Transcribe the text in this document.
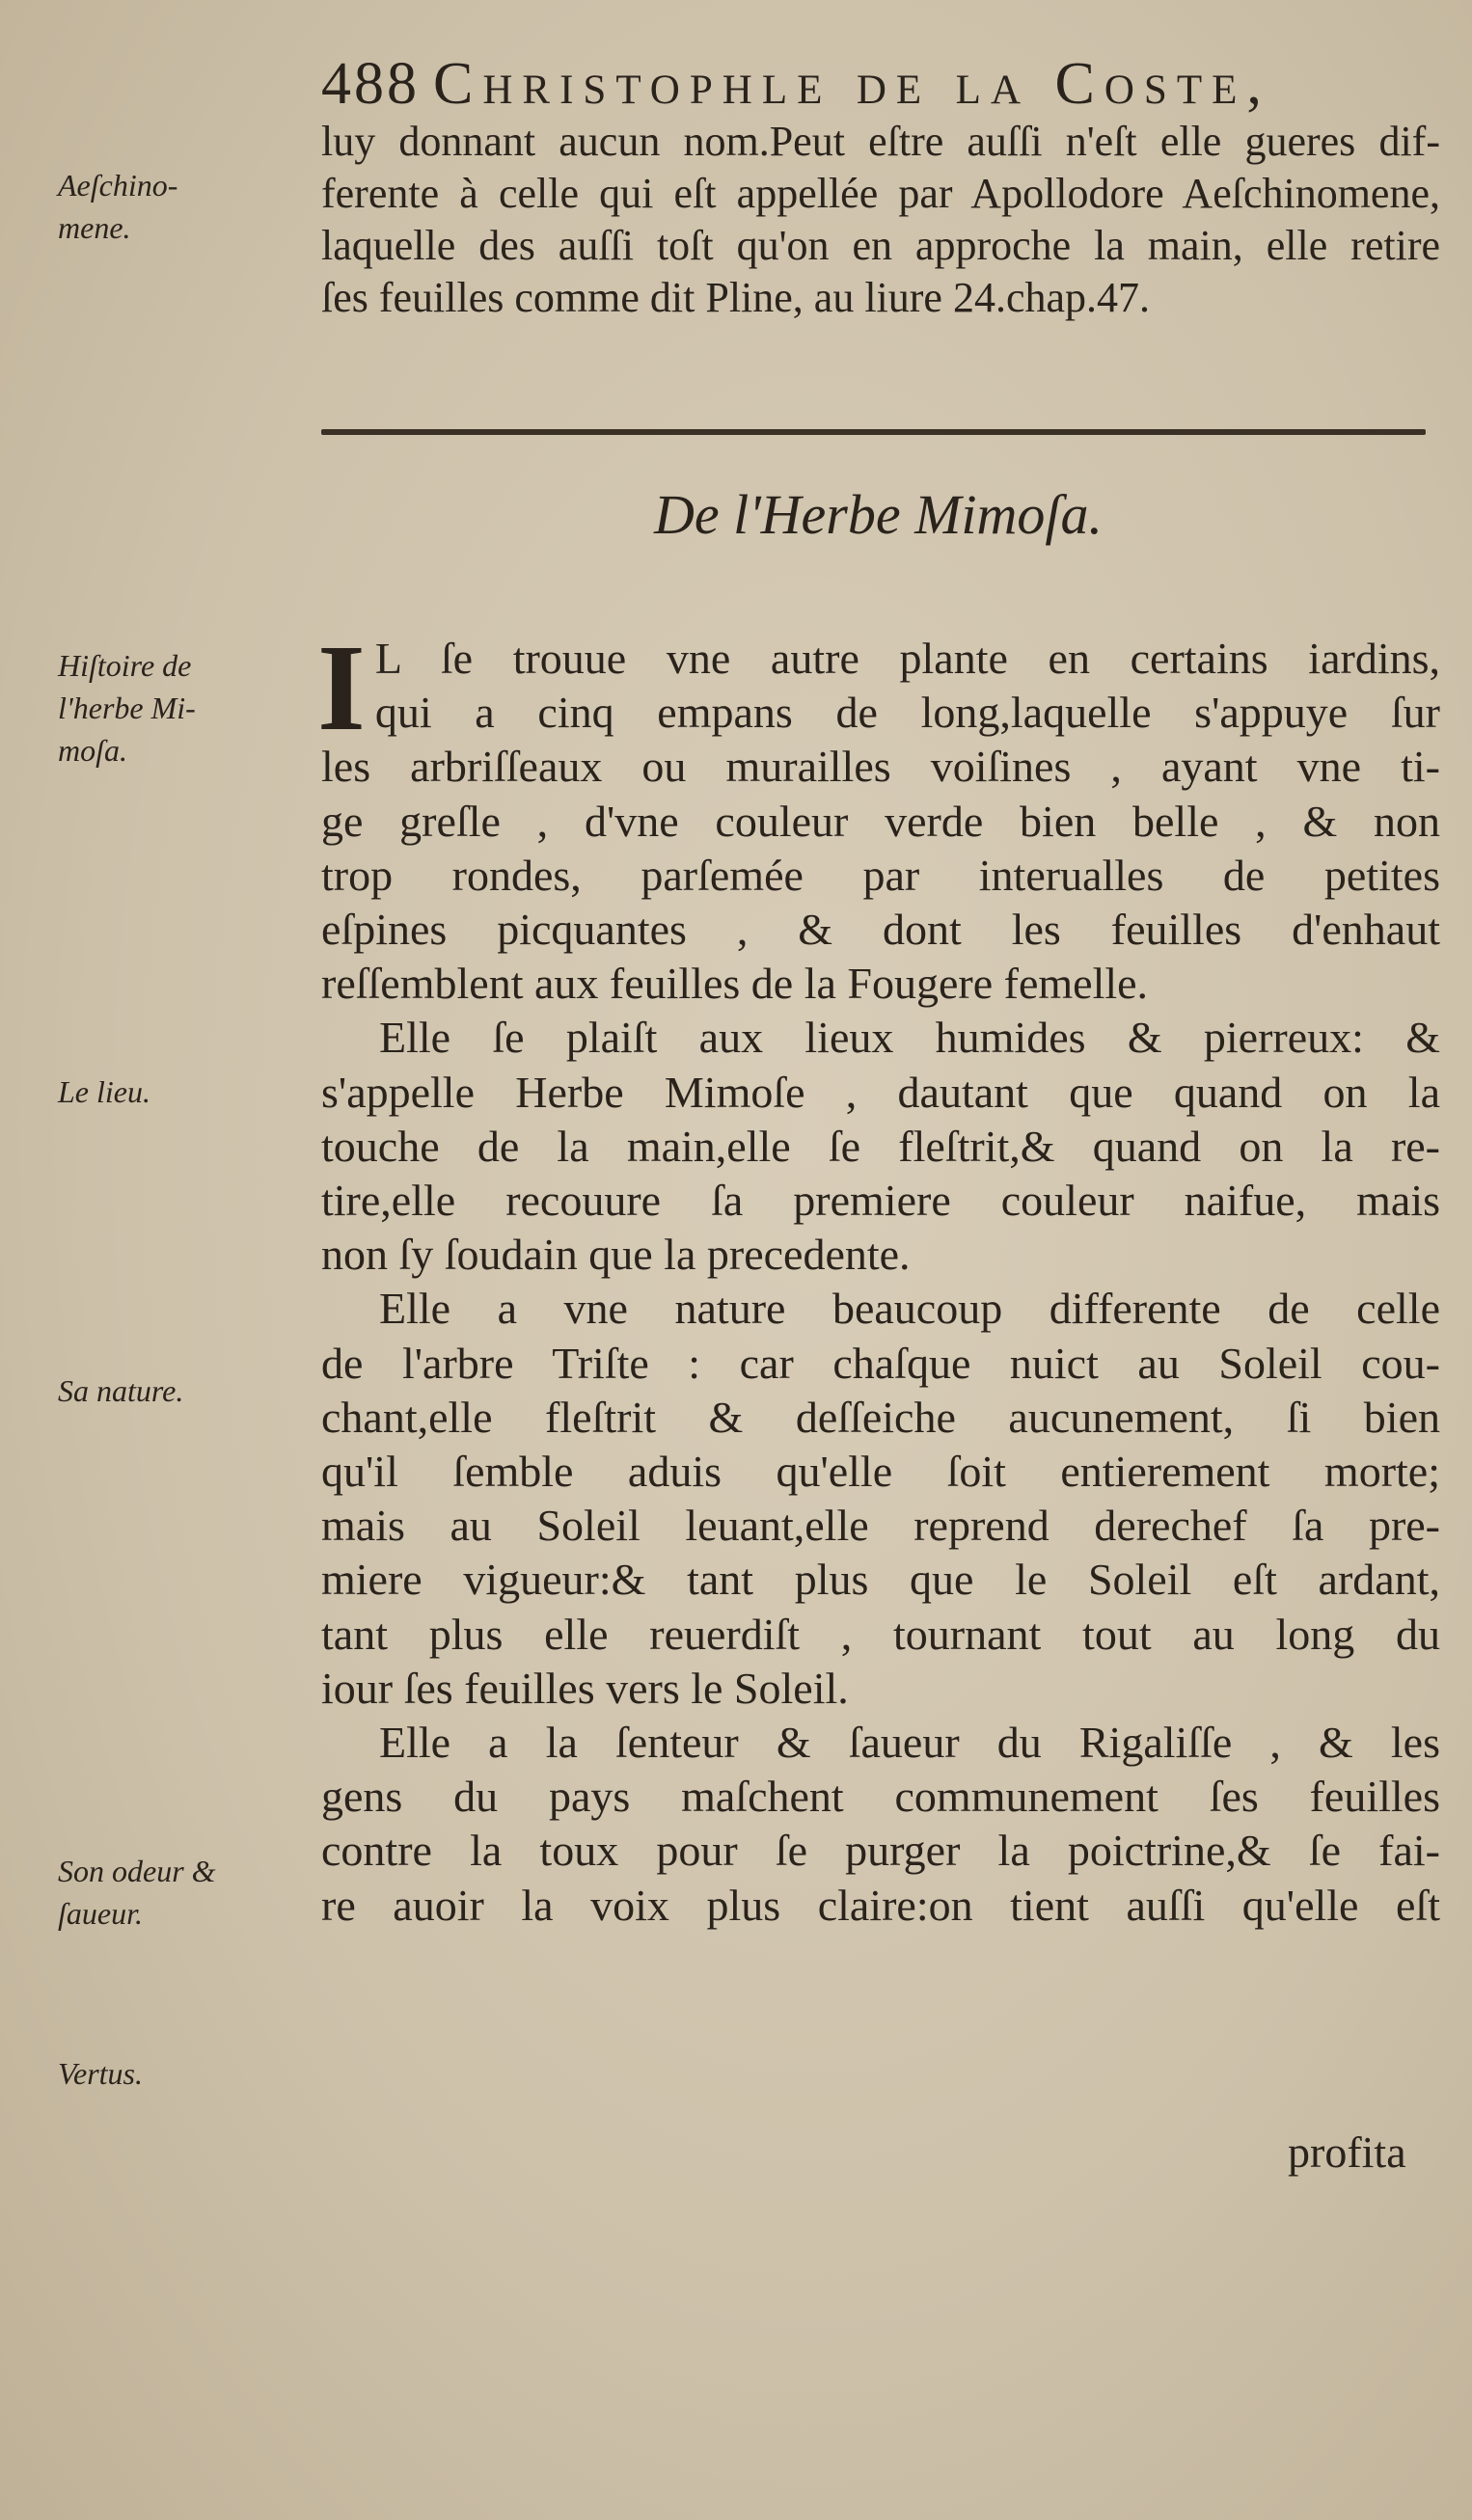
488 Christophle de la Coste,
luy donnant aucun nom.Peut eſtre auſſi n'eſt elle gueres dif-
ferente à celle qui eſt appellée par Apollodore Aeſchinomene,
laquelle des auſſi toſt qu'on en approche la main, elle retire
ſes feuilles comme dit Pline, au liure 24.chap.47.
Aeſchino-
mene.
De l'Herbe Mimoſa.
Hiſtoire de
l'herbe Mi-
moſa.
Le lieu.
Sa nature.
Son odeur &
ſaueur.
Vertus.
I L ſe trouue vne autre plante en certains iardins,
qui a cinq empans de long,laquelle s'appuye ſur
les arbriſſeaux ou murailles voiſines , ayant vne ti-
ge greſle , d'vne couleur verde bien belle , & non
trop rondes, parſemée par interualles de petites
eſpines picquantes , & dont les feuilles d'enhaut
reſſemblent aux feuilles de la Fougere femelle.
Elle ſe plaiſt aux lieux humides & pierreux: &
s'appelle Herbe Mimoſe , dautant que quand on la
touche de la main,elle ſe fleſtrit,& quand on la re-
tire,elle recouure ſa premiere couleur naifue, mais
non ſy ſoudain que la precedente.
Elle a vne nature beaucoup differente de celle
de l'arbre Triſte : car chaſque nuict au Soleil cou-
chant,elle fleſtrit & deſſeiche aucunement, ſi bien
qu'il ſemble aduis qu'elle ſoit entierement morte;
mais au Soleil leuant,elle reprend derechef ſa pre-
miere vigueur:& tant plus que le Soleil eſt ardant,
tant plus elle reuerdiſt , tournant tout au long du
iour ſes feuilles vers le Soleil.
Elle a la ſenteur & ſaueur du Rigaliſſe , & les
gens du pays maſchent communement ſes feuilles
contre la toux pour ſe purger la poictrine,& ſe fai-
re auoir la voix plus claire:on tient auſſi qu'elle eſt
profita
